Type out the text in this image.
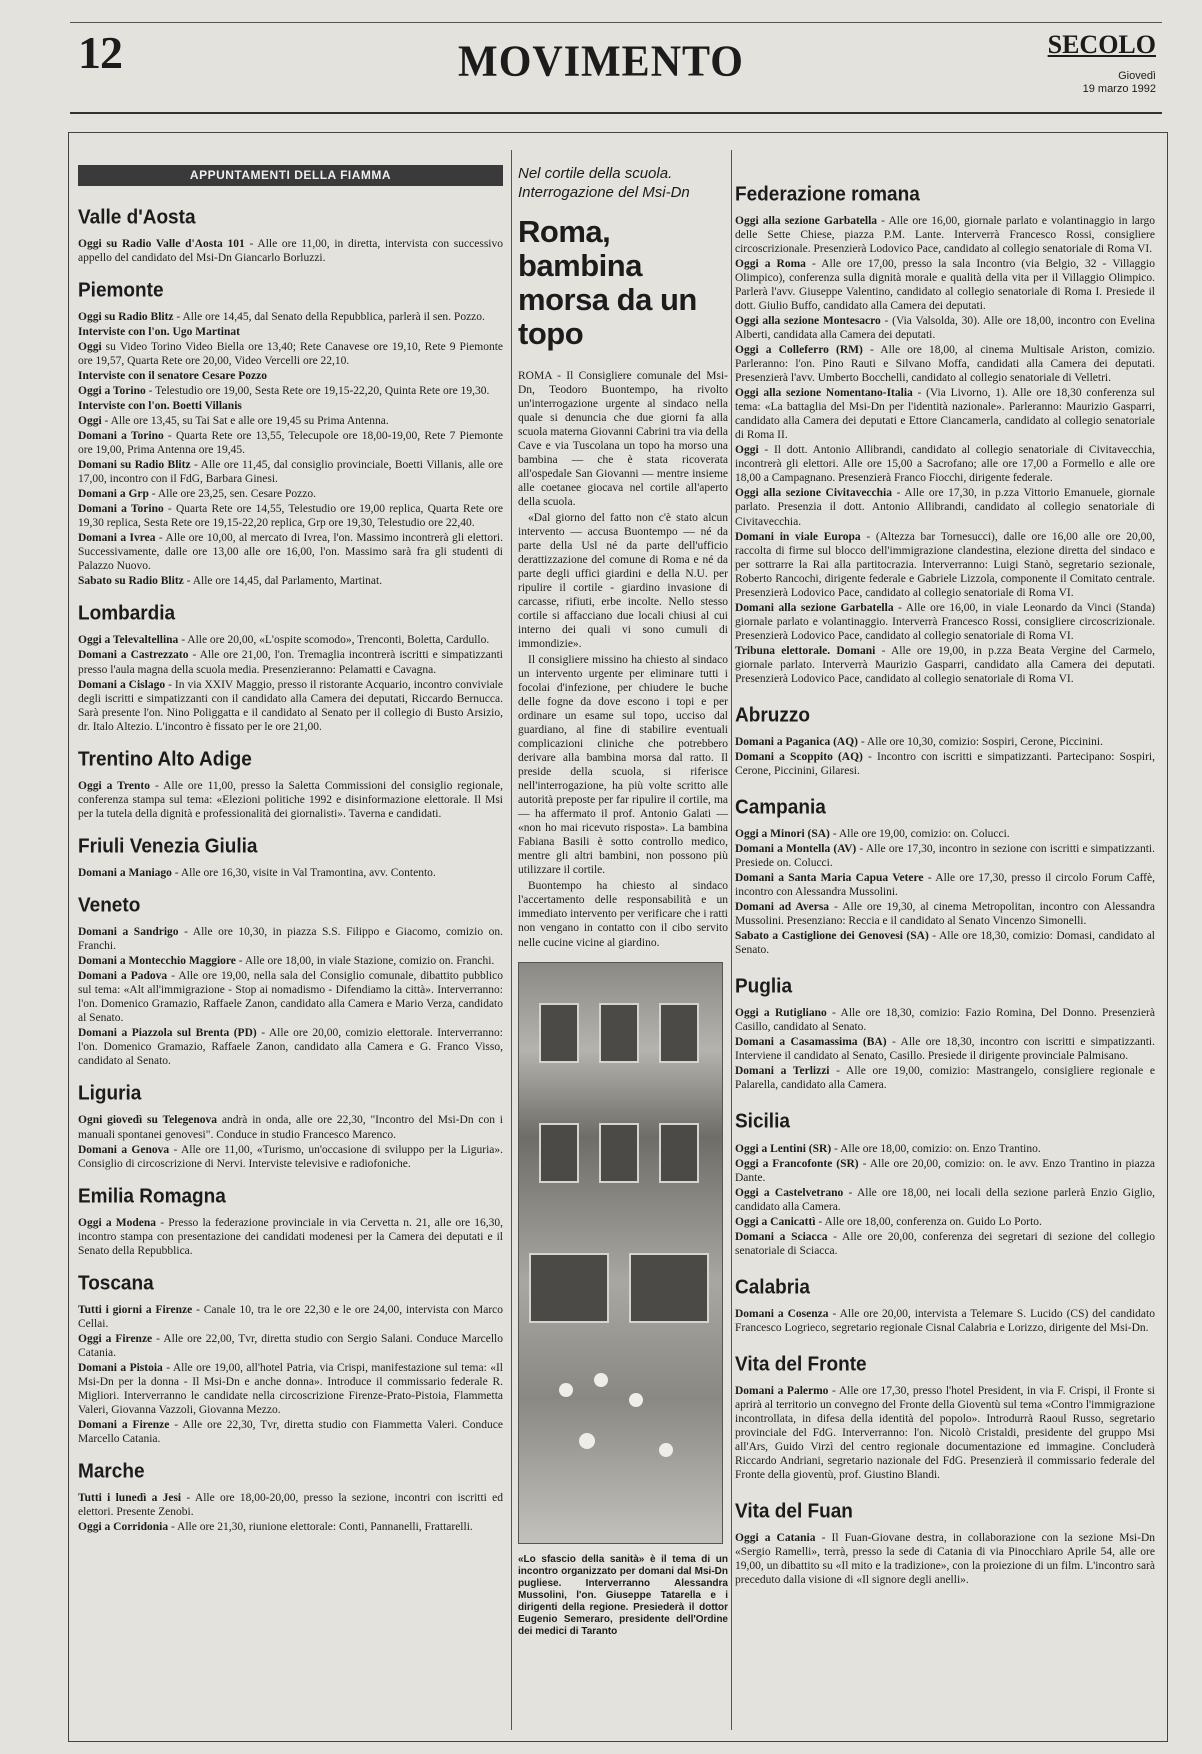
12	MOVIMENTO	SECOLO
Giovedì
19 marzo 1992
APPUNTAMENTI DELLA FIAMMA
Valle d'Aosta

Oggi su Radio Valle d'Aosta 101 - Alle ore 11,00, in diretta, intervista con successivo appello del candidato del Msi-Dn Giancarlo Borluzzi.

Piemonte

Oggi su Radio Blitz - Alle ore 14,45, dal Senato della Repubblica, parlerà il sen. Pozzo.

Interviste con l'on. Ugo Martinat

Oggi su Video Torino Video Biella ore 13,40; Rete Canavese ore 19,10, Rete 9 Piemonte ore 19,57, Quarta Rete ore 20,00, Video Vercelli ore 22,10.

Interviste con il senatore Cesare Pozzo

Oggi a Torino - Telestudio ore 19,00, Sesta Rete ore 19,15-22,20, Quinta Rete ore 19,30.

Interviste con l'on. Boetti Villanis

Oggi - Alle ore 13,45, su Tai Sat e alle ore 19,45 su Prima Antenna.

Domani a Torino - Quarta Rete ore 13,55, Telecupole ore 18,00-19,00, Rete 7 Piemonte ore 19,00, Prima Antenna ore 19,45.

Domani su Radio Blitz - Alle ore 11,45, dal consiglio provinciale, Boetti Villanis, alle ore 17,00, incontro con il FdG, Barbara Ginesi.

Domani a Grp - Alle ore 23,25, sen. Cesare Pozzo.

Domani a Torino - Quarta Rete ore 14,55, Telestudio ore 19,00 replica, Quarta Rete ore 19,30 replica, Sesta Rete ore 19,15-22,20 replica, Grp ore 19,30, Telestudio ore 22,40.

Domani a Ivrea - Alle ore 10,00, al mercato di Ivrea, l'on. Massimo incontrerà gli elettori. Successivamente, dalle ore 13,00 alle ore 16,00, l'on. Massimo sarà fra gli studenti di Palazzo Nuovo.

Sabato su Radio Blitz - Alle ore 14,45, dal Parlamento, Martinat.

Lombardia

Oggi a Televaltellina - Alle ore 20,00, «L'ospite scomodo», Trenconti, Boletta, Cardullo.

Domani a Castrezzato - Alle ore 21,00, l'on. Tremaglia incontrerà iscritti e simpatizzanti presso l'aula magna della scuola media. Presenzieranno: Pelamatti e Cavagna.

Domani a Cislago - In via XXIV Maggio, presso il ristorante Acquario, incontro conviviale degli iscritti e simpatizzanti con il candidato alla Camera dei deputati, Riccardo Bernucca. Sarà presente l'on. Nino Poliggatta e il candidato al Senato per il collegio di Busto Arsizio, dr. Italo Altezio. L'incontro è fissato per le ore 21,00.

Trentino Alto Adige

Oggi a Trento - Alle ore 11,00, presso la Saletta Commissioni del consiglio regionale, conferenza stampa sul tema: «Elezioni politiche 1992 e disinformazione elettorale. Il Msi per la tutela della dignità e professionalità dei giornalisti». Taverna e candidati.

Friuli Venezia Giulia

Domani a Maniago - Alle ore 16,30, visite in Val Tramontina, avv. Contento.

Veneto

Domani a Sandrigo - Alle ore 10,30, in piazza S.S. Filippo e Giacomo, comizio on. Franchi.

Domani a Montecchio Maggiore - Alle ore 18,00, in viale Stazione, comizio on. Franchi.

Domani a Padova - Alle ore 19,00, nella sala del Consiglio comunale, dibattito pubblico sul tema: «Alt all'immigrazione - Stop ai nomadismo - Difendiamo la città». Interverranno: l'on. Domenico Gramazio, Raffaele Zanon, candidato alla Camera e Mario Verza, candidato al Senato.

Domani a Piazzola sul Brenta (PD) - Alle ore 20,00, comizio elettorale. Interverranno: l'on. Domenico Gramazio, Raffaele Zanon, candidato alla Camera e G. Franco Visso, candidato al Senato.

Liguria

Ogni giovedì su Telegenova andrà in onda, alle ore 22,30, "Incontro del Msi-Dn con i manuali spontanei genovesi". Conduce in studio Francesco Marenco.

Domani a Genova - Alle ore 11,00, «Turismo, un'occasione di sviluppo per la Liguria». Consiglio di circoscrizione di Nervi. Interviste televisive e radiofoniche.

Emilia Romagna

Oggi a Modena - Presso la federazione provinciale in via Cervetta n. 21, alle ore 16,30, incontro stampa con presentazione dei candidati modenesi per la Camera dei deputati e il Senato della Repubblica.

Toscana

Tutti i giorni a Firenze - Canale 10, tra le ore 22,30 e le ore 24,00, intervista con Marco Cellai.

Oggi a Firenze - Alle ore 22,00, Tvr, diretta studio con Sergio Salani. Conduce Marcello Catania.

Domani a Pistoia - Alle ore 19,00, all'hotel Patria, via Crispi, manifestazione sul tema: «Il Msi-Dn per la donna - Il Msi-Dn e anche donna». Introduce il commissario federale R. Migliori. Interverranno le candidate nella circoscrizione Firenze-Prato-Pistoia, Flammetta Valeri, Giovanna Vazzoli, Giovanna Mezzo.

Domani a Firenze - Alle ore 22,30, Tvr, diretta studio con Fiammetta Valeri. Conduce Marcello Catania.

Marche

Tutti i lunedì a Jesi - Alle ore 18,00-20,00, presso la sezione, incontri con iscritti ed elettori. Presente Zenobi.

Oggi a Corridonia - Alle ore 21,30, riunione elettorale: Conti, Pannanelli, Frattarelli.

Nel cortile della scuola. Interrogazione del Msi-Dn
Roma, bambina morsa da un topo

ROMA - Il Consigliere comunale del Msi-Dn, Teodoro Buontempo, ha rivolto un'interrogazione urgente al sindaco nella quale si denuncia che due giorni fa alla scuola materna Giovanni Cabrini tra via della Cave e via Tuscolana un topo ha morso una bambina — che è stata ricoverata all'ospedale San Giovanni — mentre insieme alle coetanee giocava nel cortile all'aperto della scuola.

«Dal giorno del fatto non c'è stato alcun intervento — accusa Buontempo — né da parte della Usl né da parte dell'ufficio derattizzazione del comune di Roma e né da parte degli uffici giardini e della N.U. per ripulire il cortile - giardino invasione di carcasse, rifiuti, erbe incolte. Nello stesso cortile si affacciano due locali chiusi al cui interno dei quali vi sono cumuli di immondizie».

Il consigliere missino ha chiesto al sindaco un intervento urgente per eliminare tutti i focolai d'infezione, per chiudere le buche delle fogne da dove escono i topi e per ordinare un esame sul topo, ucciso dal guardiano, al fine di stabilire eventuali complicazioni cliniche che potrebbero derivare alla bambina morsa dal ratto. Il preside della scuola, si riferisce nell'interrogazione, ha più volte scritto alle autorità preposte per far ripulire il cortile, ma — ha affermato il prof. Antonio Galati — «non ho mai ricevuto risposta». La bambina Fabiana Basili è sotto controllo medico, mentre gli altri bambini, non possono più utilizzare il cortile.

Buontempo ha chiesto al sindaco l'accertamento delle responsabilità e un immediato intervento per verificare che i ratti non vengano in contatto con il cibo servito nelle cucine vicine al giardino.

«Lo sfascio della sanità» è il tema di un incontro organizzato per domani dal Msi-Dn pugliese. Interverranno Alessandra Mussolini, l'on. Giuseppe Tatarella e i dirigenti della regione. Presiederà il dottor Eugenio Semeraro, presidente dell'Ordine dei medici di Taranto
Federazione romana

Oggi alla sezione Garbatella - Alle ore 16,00, giornale parlato e volantinaggio in largo delle Sette Chiese, piazza P.M. Lante. Interverrà Francesco Rossi, consigliere circoscrizionale. Presenzierà Lodovico Pace, candidato al collegio senatoriale di Roma VI.

Oggi a Roma - Alle ore 17,00, presso la sala Incontro (via Belgio, 32 - Villaggio Olimpico), conferenza sulla dignità morale e qualità della vita per il Villaggio Olimpico. Parlerà l'avv. Giuseppe Valentino, candidato al collegio senatoriale di Roma I. Presiede il dott. Giulio Buffo, candidato alla Camera dei deputati.

Oggi alla sezione Montesacro - (Via Valsolda, 30). Alle ore 18,00, incontro con Evelina Alberti, candidata alla Camera dei deputati.

Oggi a Colleferro (RM) - Alle ore 18,00, al cinema Multisale Ariston, comizio. Parleranno: l'on. Pino Rauti e Silvano Moffa, candidati alla Camera dei deputati. Presenzierà l'avv. Umberto Bocchelli, candidato al collegio senatoriale di Velletri.

Oggi alla sezione Nomentano-Italia - (Via Livorno, 1). Alle ore 18,30 conferenza sul tema: «La battaglia del Msi-Dn per l'identità nazionale». Parleranno: Maurizio Gasparri, candidato alla Camera dei deputati e Ettore Ciancamerla, candidato al collegio senatoriale di Roma II.

Oggi - Il dott. Antonio Allibrandi, candidato al collegio senatoriale di Civitavecchia, incontrerà gli elettori. Alle ore 15,00 a Sacrofano; alle ore 17,00 a Formello e alle ore 18,00 a Campagnano. Presenzierà Franco Fiocchi, dirigente federale.

Oggi alla sezione Civitavecchia - Alle ore 17,30, in p.zza Vittorio Emanuele, giornale parlato. Presenzia il dott. Antonio Allibrandi, candidato al collegio senatoriale di Civitavecchia.

Domani in viale Europa - (Altezza bar Tornesucci), dalle ore 16,00 alle ore 20,00, raccolta di firme sul blocco dell'immigrazione clandestina, elezione diretta del sindaco e per sottrarre la Rai alla partitocrazia. Interverranno: Luigi Stanò, segretario sezionale, Roberto Rancochi, dirigente federale e Gabriele Lizzola, componente il Comitato centrale. Presenzierà Lodovico Pace, candidato al collegio senatoriale di Roma VI.

Domani alla sezione Garbatella - Alle ore 16,00, in viale Leonardo da Vinci (Standa) giornale parlato e volantinaggio. Interverrà Francesco Rossi, consigliere circoscrizionale. Presenzierà Lodovico Pace, candidato al collegio senatoriale di Roma VI.

Tribuna elettorale. Domani - Alle ore 19,00, in p.zza Beata Vergine del Carmelo, giornale parlato. Interverrà Maurizio Gasparri, candidato alla Camera dei deputati. Presenzierà Lodovico Pace, candidato al collegio senatoriale di Roma VI.

Abruzzo

Domani a Paganica (AQ) - Alle ore 10,30, comizio: Sospiri, Cerone, Piccinini.

Domani a Scoppito (AQ) - Incontro con iscritti e simpatizzanti. Partecipano: Sospiri, Cerone, Piccinini, Gilaresi.

Campania

Oggi a Minori (SA) - Alle ore 19,00, comizio: on. Colucci.

Domani a Montella (AV) - Alle ore 17,30, incontro in sezione con iscritti e simpatizzanti. Presiede on. Colucci.

Domani a Santa Maria Capua Vetere - Alle ore 17,30, presso il circolo Forum Caffè, incontro con Alessandra Mussolini.

Domani ad Aversa - Alle ore 19,30, al cinema Metropolitan, incontro con Alessandra Mussolini. Presenziano: Reccia e il candidato al Senato Vincenzo Simonelli.

Sabato a Castiglione dei Genovesi (SA) - Alle ore 18,30, comizio: Domasi, candidato al Senato.

Puglia

Oggi a Rutigliano - Alle ore 18,30, comizio: Fazio Romina, Del Donno. Presenzierà Casillo, candidato al Senato.

Domani a Casamassima (BA) - Alle ore 18,30, incontro con iscritti e simpatizzanti. Interviene il candidato al Senato, Casillo. Presiede il dirigente provinciale Palmisano.

Domani a Terlizzi - Alle ore 19,00, comizio: Mastrangelo, consigliere regionale e Palarella, candidato alla Camera.

Sicilia

Oggi a Lentini (SR) - Alle ore 18,00, comizio: on. Enzo Trantino.

Oggi a Francofonte (SR) - Alle ore 20,00, comizio: on. le avv. Enzo Trantino in piazza Dante.

Oggi a Castelvetrano - Alle ore 18,00, nei locali della sezione parlerà Enzio Giglio, candidato alla Camera.

Oggi a Canicattì - Alle ore 18,00, conferenza on. Guido Lo Porto.

Domani a Sciacca - Alle ore 20,00, conferenza dei segretari di sezione del collegio senatoriale di Sciacca.

Calabria

Domani a Cosenza - Alle ore 20,00, intervista a Telemare S. Lucido (CS) del candidato Francesco Logrieco, segretario regionale Cisnal Calabria e Lorizzo, dirigente del Msi-Dn.

Vita del Fronte

Domani a Palermo - Alle ore 17,30, presso l'hotel President, in via F. Crispi, il Fronte si aprirà al territorio un convegno del Fronte della Gioventù sul tema «Contro l'immigrazione incontrollata, in difesa della identità del popolo». Introdurrà Raoul Russo, segretario provinciale del FdG. Interverranno: l'on. Nicolò Cristaldi, presidente del gruppo Msi all'Ars, Guido Virzì del centro regionale documentazione ed immagine. Concluderà Riccardo Andriani, segretario nazionale del FdG. Presenzierà il commissario federale del Fronte della gioventù, prof. Giustino Blandi.

Vita del Fuan

Oggi a Catania - Il Fuan-Giovane destra, in collaborazione con la sezione Msi-Dn «Sergio Ramelli», terrà, presso la sede di Catania di via Pinocchiaro Aprile 54, alle ore 19,00, un dibattito su «Il mito e la tradizione», con la proiezione di un film. L'incontro sarà preceduto dalla visione di «Il signore degli anelli».
